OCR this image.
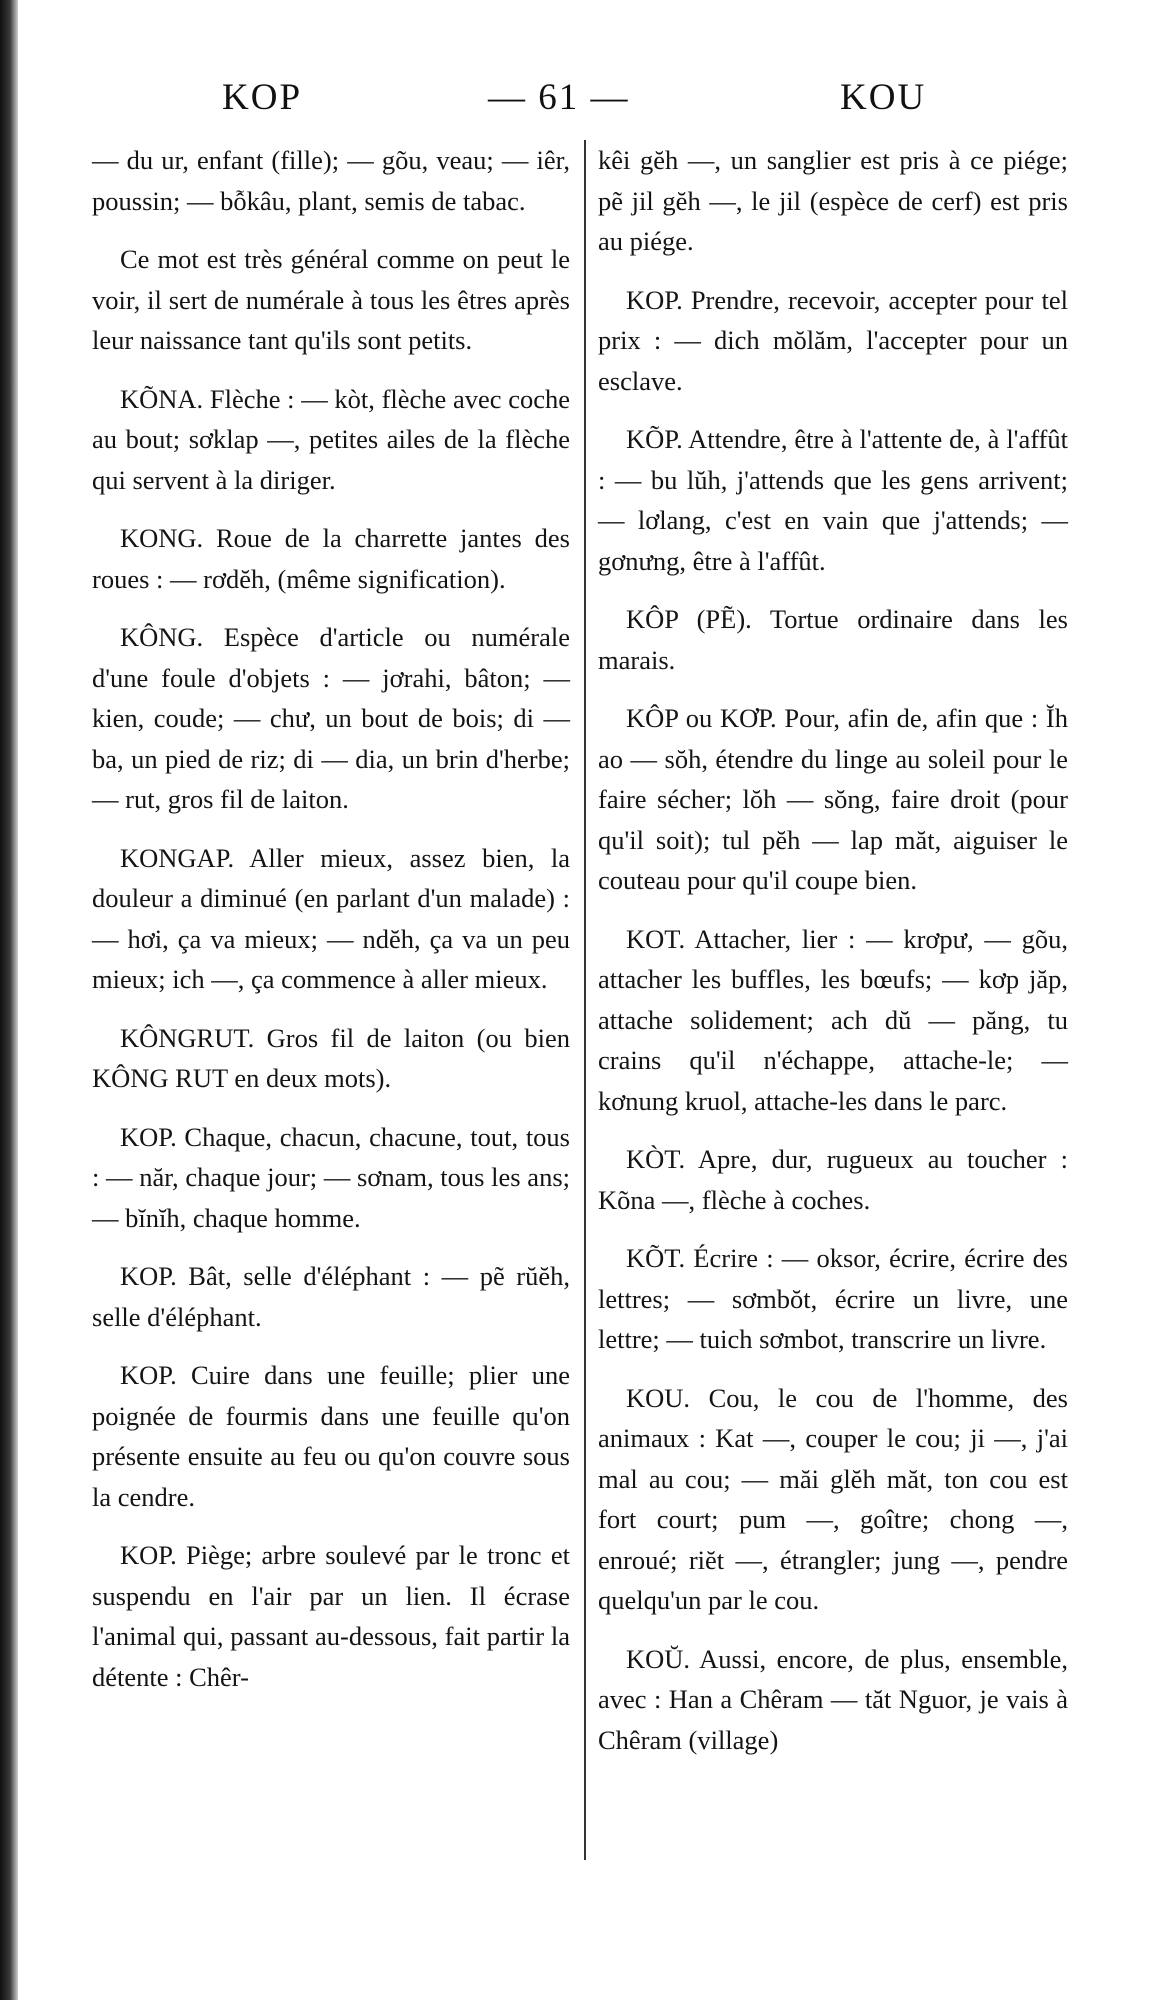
KOP	— 61 —	KOU

— du ur, enfant (fille); — gõu, veau; — iêr, poussin; — bỗkâu, plant, semis de tabac.

Ce mot est très général comme on peut le voir, il sert de numérale à tous les êtres après leur naissance tant qu'ils sont petits.

KÕNA. Flèche : — kòt, flèche avec coche au bout; sơklap —, petites ailes de la flèche qui servent à la diriger.

KONG. Roue de la charrette jantes des roues : — rơdĕh, (même signification).

KÔNG. Espèce d'article ou numérale d'une foule d'objets : — jơrahi, bâton; — kien, coude; — chư, un bout de bois; di — ba, un pied de riz; di — dia, un brin d'herbe; — rut, gros fil de laiton.

KONGAP. Aller mieux, assez bien, la douleur a diminué (en parlant d'un malade) : — hơi, ça va mieux; — ndĕh, ça va un peu mieux; ich —, ça commence à aller mieux.

KÔNGRUT. Gros fil de laiton (ou bien KÔNG RUT en deux mots).

KOP. Chaque, chacun, chacune, tout, tous : — năr, chaque jour; — sơnam, tous les ans; — bĭnĭh, chaque homme.

KOP. Bât, selle d'éléphant : — pẽ rŭĕh, selle d'éléphant.

KOP. Cuire dans une feuille; plier une poignée de fourmis dans une feuille qu'on présente ensuite au feu ou qu'on couvre sous la cendre.

KOP. Piège; arbre soulevé par le tronc et suspendu en l'air par un lien. Il écrase l'animal qui, passant au-dessous, fait partir la détente : Chêr-

kêi gĕh —, un sanglier est pris à ce piége; pẽ jil gĕh —, le jil (espèce de cerf) est pris au piége.

KOP. Prendre, recevoir, accepter pour tel prix : — dich mŏlăm, l'accepter pour un esclave.

KÕP. Attendre, être à l'attente de, à l'affût : — bu lŭh, j'attends que les gens arrivent; — lơlang, c'est en vain que j'attends; — gơnưng, être à l'affût.

KÔP (PẼ). Tortue ordinaire dans les marais.

KÔP ou KƠP. Pour, afin de, afin que : Ĭh ao — sŏh, étendre du linge au soleil pour le faire sécher; lŏh — sŏng, faire droit (pour qu'il soit); tul pĕh — lap măt, aiguiser le couteau pour qu'il coupe bien.

KOT. Attacher, lier : — krơpư, — gõu, attacher les buffles, les bœufs; — kơp jăp, attache solidement; ach dŭ — păng, tu crains qu'il n'échappe, attache-le; — kơnung kruol, attache-les dans le parc.

KÒT. Apre, dur, rugueux au toucher : Kõna —, flèche à coches.

KÕT. Écrire : — oksor, écrire, écrire des lettres; — sơmbŏt, écrire un livre, une lettre; — tuich sơmbot, transcrire un livre.

KOU. Cou, le cou de l'homme, des animaux : Kat —, couper le cou; ji —, j'ai mal au cou; — măi glĕh măt, ton cou est fort court; pum —, goître; chong —, enroué; riĕt —, étrangler; jung —, pendre quelqu'un par le cou.

KOŬ. Aussi, encore, de plus, ensemble, avec : Han a Chêram — tăt Nguor, je vais à Chêram (village)
